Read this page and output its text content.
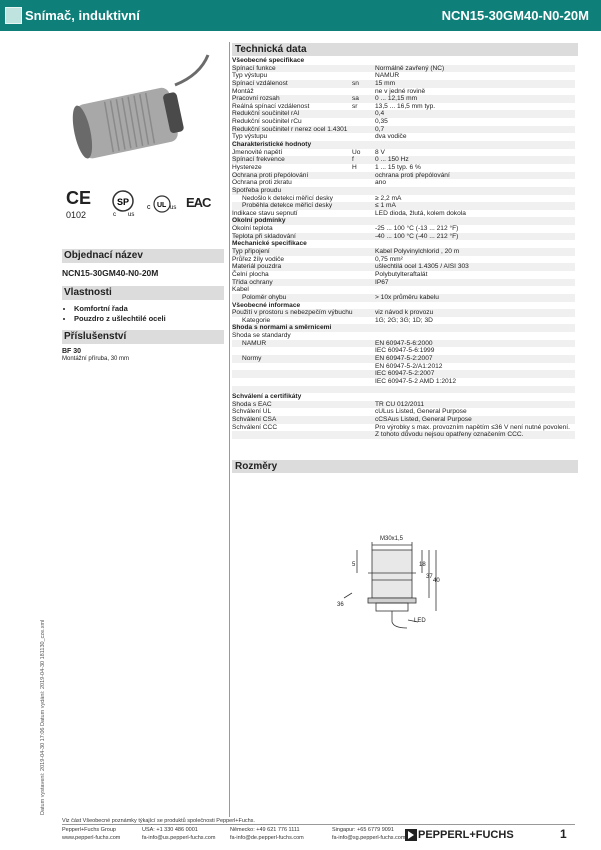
Snímač, induktivní	NCN15-30GM40-N0-20M
CE
0102
SP
c us
c UL us EAC
Objednací název
NCN15-30GM40-N0-20M
Vlastnosti
• Komfortní řada
• Pouzdro z ušlechtilé oceli
Příslušenství
BF 30
Montážní příruba, 30 mm
Technická data
Všeobecné specifikace
Spínací funkce	Normálně zavřený (NC)
Typ výstupu	NAMUR
Spínací vzdálenost	sn 15 mm
Montáž	ne v jedné rovině
Pracovní rozsah	sa 0 ... 12,15 mm
Reálná spínací vzdálenost	sr	13,5 ... 16,5 mm typ.
Redukční součinitel rAl	0,4
Redukční součinitel rCu	0,35
Redukční součinitel r nerez ocel 1.4301	0,7
Typ výstupu	dva vodiče
Charakteristické hodnoty
Jmenovité napětí	Uo 8 V
Spínací frekvence	f	0 ... 150 Hz
Hystereze	H	1 ... 15 typ. 6 %
Ochrana proti přepólování	ochrana proti přepólování
Ochrana proti zkratu	ano
Spotřeba proudu
Nedošlo k detekci měřicí desky	≥ 2,2 mA
Proběhla detekce měřicí desky	≤ 1 mA
Indikace stavu sepnutí	LED dioda, žlutá, kolem dokola
Okolní podmínky
Okolní teplota	-25 ... 100 °C (-13 ... 212 °F)
Teplota při skladování	-40 ... 100 °C (-40 ... 212 °F)
Mechanické specifikace
Typ připojení	Kabel Polyvinylchlorid , 20 m
Průřez žíly vodiče	0,75 mm²
Materiál pouzdra	ušlechtilá ocel 1.4305 / AISI 303
Čelní plocha	Polybutylteraftalát
Třída ochrany	IP67
Kabel
Poloměr ohybu	> 10x průměru kabelu
Všeobecné informace
Použití v prostoru s nebezpečím výbuchu	viz návod k provozu
Kategorie	1G; 2G; 3G; 1D; 3D
Shoda s normami a směrnicemi
Shoda se standardy
NAMUR	EN 60947-5-6:2000
IEC 60947-5-6:1999
Normy	EN 60947-5-2:2007
EN 60947-5-2/A1:2012
IEC 60947-5-2:2007
IEC 60947-5-2 AMD 1:2012
Schválení a certifikáty
Shoda s EAC	TR CU 012/2011
Schválení UL	cULus Listed, General Purpose
Schválení CSA	cCSAus Listed, General Purpose
Schválení CCC	Pro výrobky s max. provozním napětím ≤36 V není nutné povolení.
Z tohoto důvodu nejsou opatřeny označením CCC.
Rozměry
M30x1,5
5	18
37
40
36
LED
Datum vystavení: 2019-04-30 17:06 Datum vydání: 2019-04-30 181130_cze.xml
Viz část Všeobecné poznámky týkající se produktů společnosti Pepperl+Fuchs.
Pepperl+Fuchs Group	USA: +1 330 486 0001	Německo: +49 621 776 1111	Singapur: +65 6779 9091
www.pepperl-fuchs.com	fa-info@us.pepperl-fuchs.com	fa-info@de.pepperl-fuchs.com	fa-info@sg.pepperl-fuchs.com PEPPERL+FUCHS	1
